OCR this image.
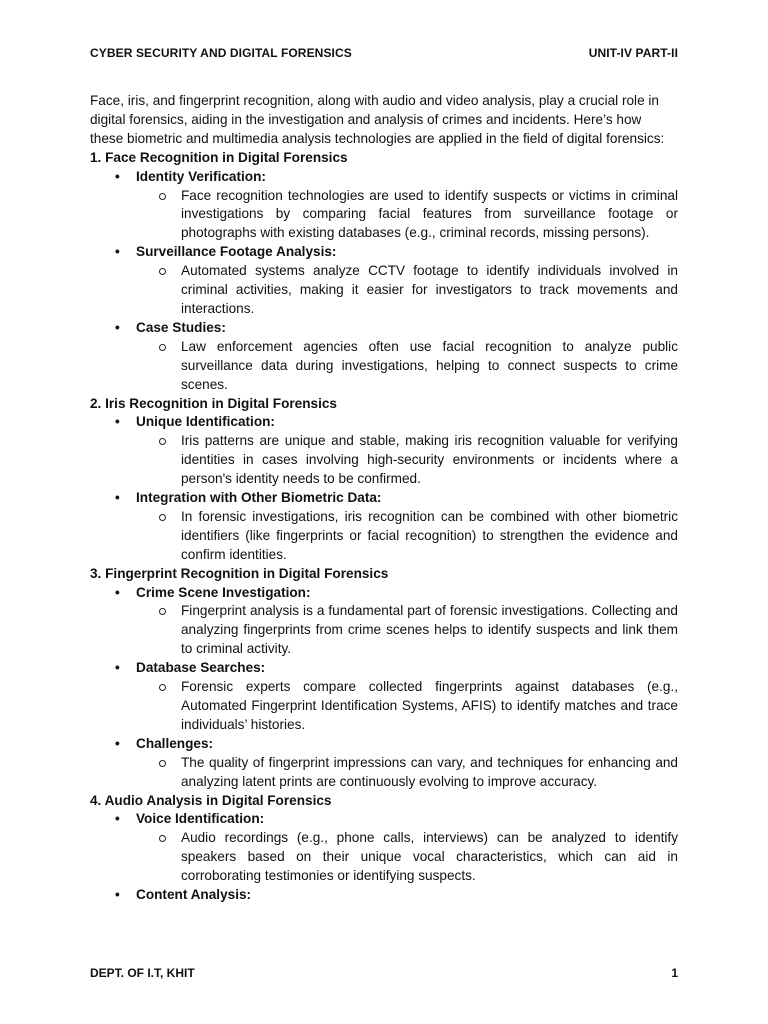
CYBER SECURITY AND DIGITAL FORENSICS	UNIT-IV PART-II

Face, iris, and fingerprint recognition, along with audio and video analysis, play a crucial role in digital forensics, aiding in the investigation and analysis of crimes and incidents. Here’s how these biometric and multimedia analysis technologies are applied in the field of digital forensics:

1. Face Recognition in Digital Forensics
• Identity Verification:
Face recognition technologies are used to identify suspects or victims in criminal investigations by comparing facial features from surveillance footage or photographs with existing databases (e.g., criminal records, missing persons).
• Surveillance Footage Analysis:
Automated systems analyze CCTV footage to identify individuals involved in criminal activities, making it easier for investigators to track movements and interactions.
• Case Studies:
Law enforcement agencies often use facial recognition to analyze public surveillance data during investigations, helping to connect suspects to crime scenes.
2. Iris Recognition in Digital Forensics
• Unique Identification:
Iris patterns are unique and stable, making iris recognition valuable for verifying identities in cases involving high-security environments or incidents where a person's identity needs to be confirmed.
• Integration with Other Biometric Data:
In forensic investigations, iris recognition can be combined with other biometric identifiers (like fingerprints or facial recognition) to strengthen the evidence and confirm identities.
3. Fingerprint Recognition in Digital Forensics
• Crime Scene Investigation:
Fingerprint analysis is a fundamental part of forensic investigations. Collecting and analyzing fingerprints from crime scenes helps to identify suspects and link them to criminal activity.
• Database Searches:
Forensic experts compare collected fingerprints against databases (e.g., Automated Fingerprint Identification Systems, AFIS) to identify matches and trace individuals’ histories.
• Challenges:
The quality of fingerprint impressions can vary, and techniques for enhancing and analyzing latent prints are continuously evolving to improve accuracy.
4. Audio Analysis in Digital Forensics
• Voice Identification:
Audio recordings (e.g., phone calls, interviews) can be analyzed to identify speakers based on their unique vocal characteristics, which can aid in corroborating testimonies or identifying suspects.
• Content Analysis:
DEPT. OF I.T, KHIT	1
